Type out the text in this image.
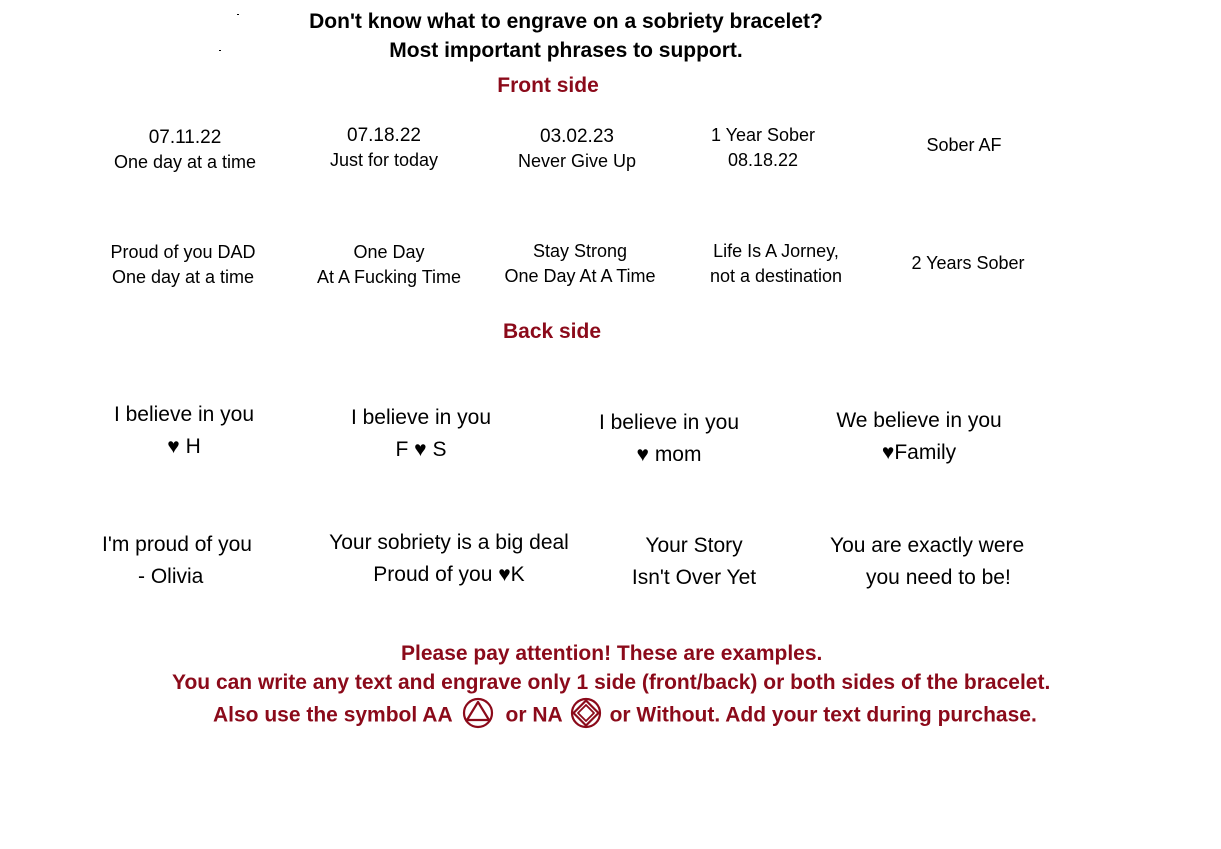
Don't know what to engrave on a sobriety bracelet?
Most important phrases to support.
Front side
07.11.22
One day at a time
07.18.22
Just for today
03.02.23
Never Give Up
1 Year Sober
08.18.22
Sober AF
Proud of you DAD
One day at a time
One Day
At A Fucking Time
Stay Strong
One Day At A Time
Life Is A Jorney,
not a destination
2 Years Sober
Back side
I believe in you
♥ H
I believe in you
F ♥ S
I believe in you
♥ mom
We believe in you
♥Family
I'm proud of you
- Olivia
Your sobriety is a big deal
Proud of you ♥K
Your Story
Isn't Over Yet
You are exactly were
you need to be!
Please pay attention! These are examples.
You can write any text and engrave only 1 side (front/back) or both sides of the bracelet.
Also use the symbol AA	or NA or Without. Add your text during purchase.
